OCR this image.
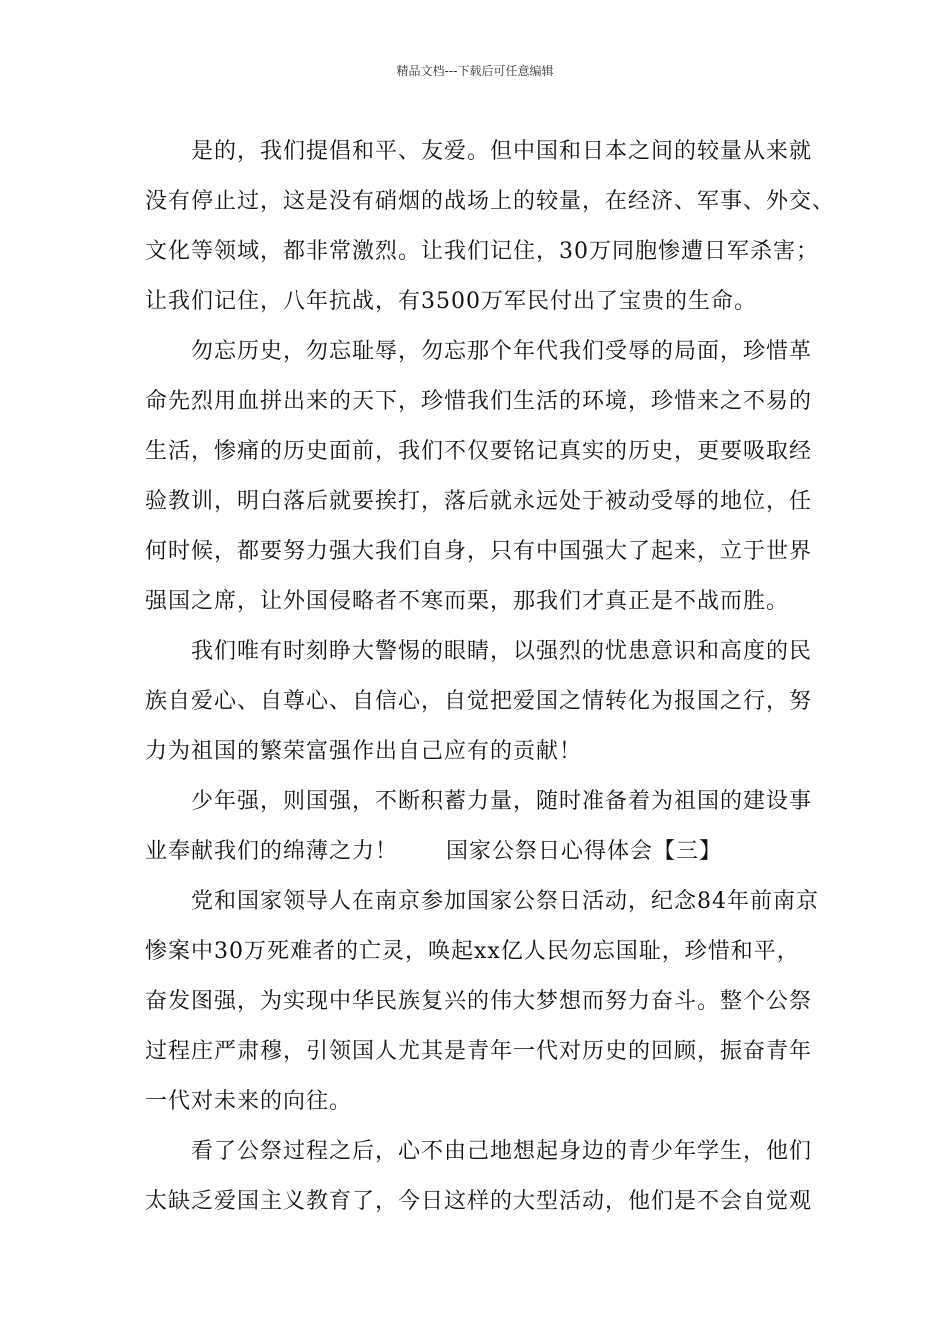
精品文档---下载后可任意编辑
是的，我们提倡和平、友爱。但中国和日本之间的较量从来就
没有停止过，这是没有硝烟的战场上的较量，在经济、军事、外交、
文化等领域，都非常激烈。让我们记住，30万同胞惨遭日军杀害；
让我们记住，八年抗战，有3500万军民付出了宝贵的生命。
勿忘历史，勿忘耻辱，勿忘那个年代我们受辱的局面，珍惜革
命先烈用血拼出来的天下，珍惜我们生活的环境，珍惜来之不易的
生活，惨痛的历史面前，我们不仅要铭记真实的历史，更要吸取经
验教训，明白落后就要挨打，落后就永远处于被动受辱的地位，任
何时候，都要努力强大我们自身，只有中国强大了起来，立于世界
强国之席，让外国侵略者不寒而栗，那我们才真正是不战而胜。
我们唯有时刻睁大警惕的眼睛，以强烈的忧患意识和高度的民
族自爱心、自尊心、自信心，自觉把爱国之情转化为报国之行，努
力为祖国的繁荣富强作出自己应有的贡献！
少年强，则国强，不断积蓄力量，随时准备着为祖国的建设事
业奉献我们的绵薄之力！ 国家公祭日心得体会【三】
党和国家领导人在南京参加国家公祭日活动，纪念84年前南京
惨案中30万死难者的亡灵，唤起xx亿人民勿忘国耻，珍惜和平，
奋发图强，为实现中华民族复兴的伟大梦想而努力奋斗。整个公祭
过程庄严肃穆，引领国人尤其是青年一代对历史的回顾，振奋青年
一代对未来的向往。
看了公祭过程之后，心不由己地想起身边的青少年学生，他们
太缺乏爱国主义教育了，今日这样的大型活动，他们是不会自觉观
